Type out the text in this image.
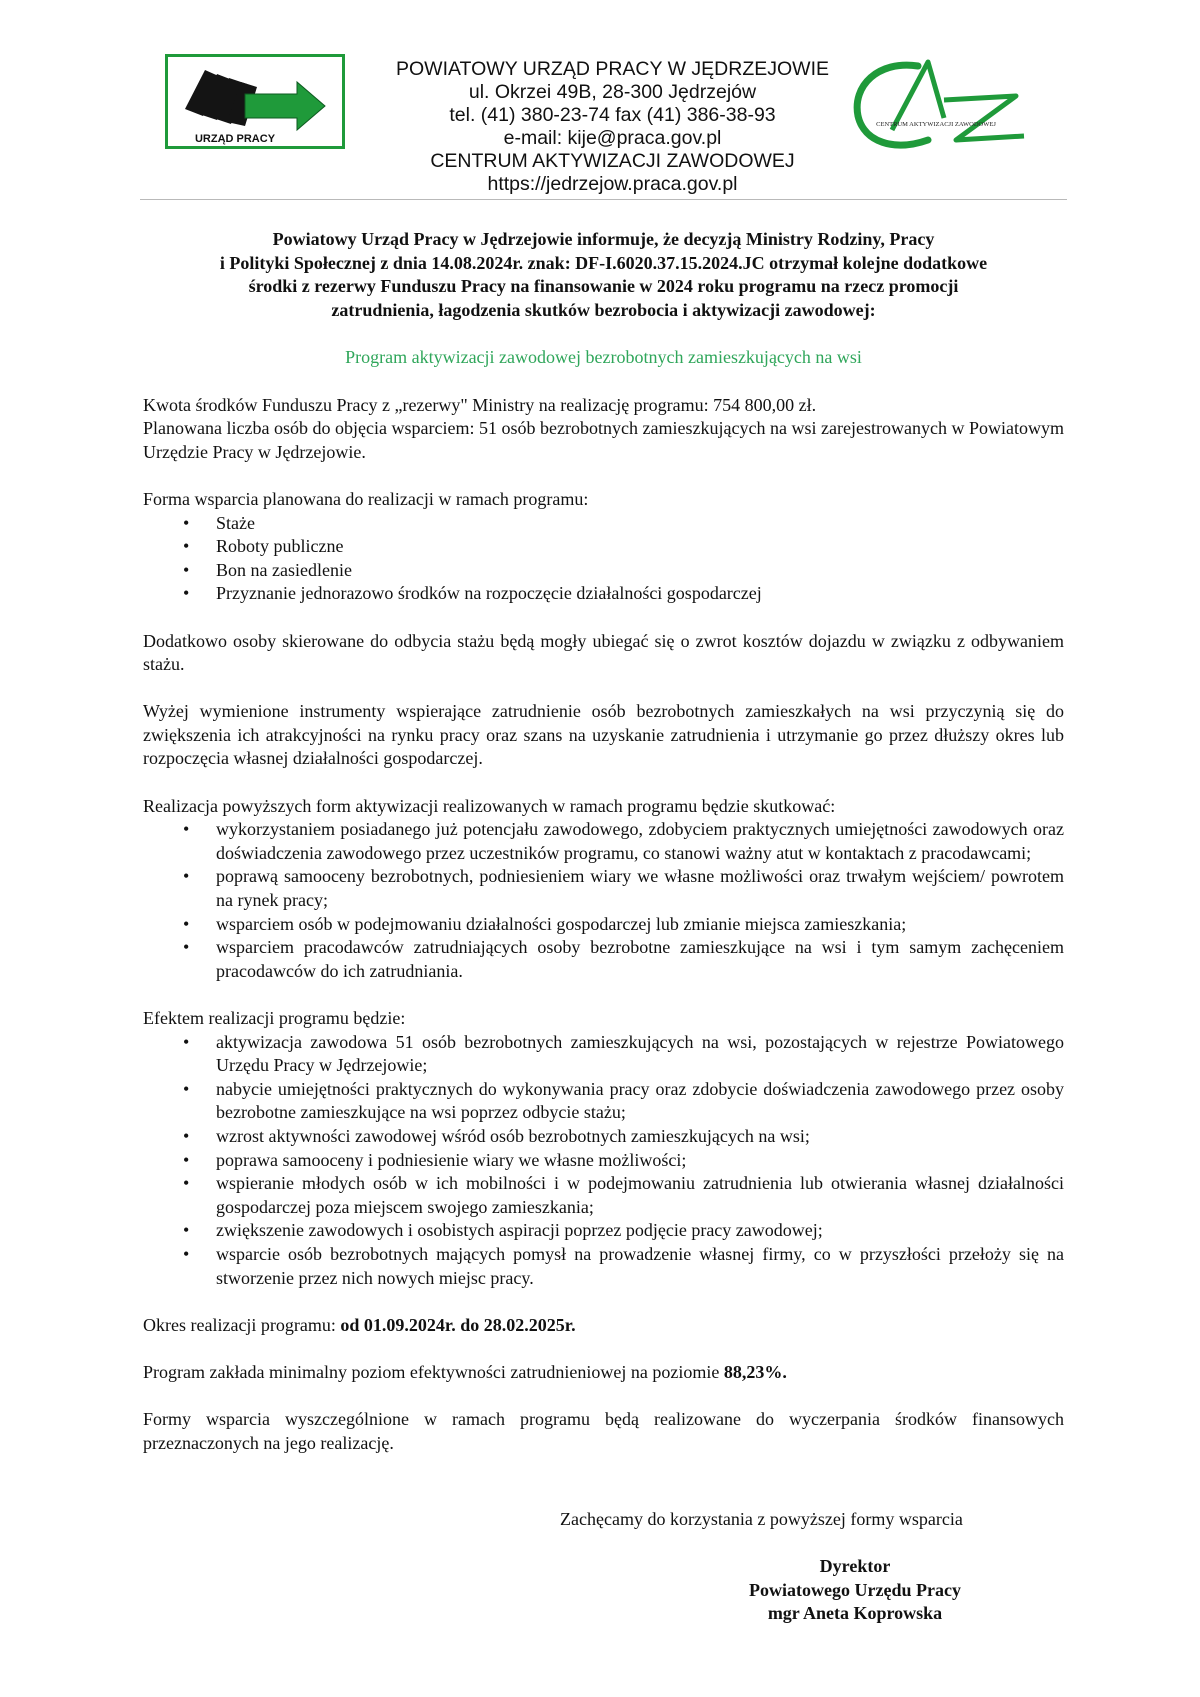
URZĄD PRACY
POWIATOWY URZĄD PRACY W JĘDRZEJOWIE
ul. Okrzei 49B, 28-300 Jędrzejów
tel. (41) 380-23-74 fax (41) 386-38-93
e-mail: kije@praca.gov.pl
CENTRUM AKTYWIZACJI ZAWODOWEJ
https://jedrzejow.praca.gov.pl
CENTRUM AKTYWIZACJI ZAWODOWEJ
Powiatowy Urząd Pracy w Jędrzejowie informuje, że decyzją Ministry Rodziny, Pracy
i Polityki Społecznej z dnia 14.08.2024r. znak: DF-I.6020.37.15.2024.JC otrzymał kolejne dodatkowe
środki z rezerwy Funduszu Pracy na finansowanie w 2024 roku programu na rzecz promocji
zatrudnienia, łagodzenia skutków bezrobocia i aktywizacji zawodowej:
Program aktywizacji zawodowej bezrobotnych zamieszkujących na wsi

Kwota środków Funduszu Pracy z „rezerwy" Ministry na realizację programu: 754 800,00 zł.

Planowana liczba osób do objęcia wsparciem: 51 osób bezrobotnych zamieszkujących na wsi zarejestrowanych w Powiatowym Urzędzie Pracy w Jędrzejowie.

Forma wsparcia planowana do realizacji w ramach programu:

• Staże
• Roboty publiczne
• Bon na zasiedlenie
• Przyznanie jednorazowo środków na rozpoczęcie działalności gospodarczej

Dodatkowo osoby skierowane do odbycia stażu będą mogły ubiegać się o zwrot kosztów dojazdu w związku z odbywaniem stażu.

Wyżej wymienione instrumenty wspierające zatrudnienie osób bezrobotnych zamieszkałych na wsi przyczynią się do zwiększenia ich atrakcyjności na rynku pracy oraz szans na uzyskanie zatrudnienia i utrzymanie go przez dłuższy okres lub rozpoczęcia własnej działalności gospodarczej.

Realizacja powyższych form aktywizacji realizowanych w ramach programu będzie skutkować:

• wykorzystaniem posiadanego już potencjału zawodowego, zdobyciem praktycznych umiejętności zawodowych oraz doświadczenia zawodowego przez uczestników programu, co stanowi ważny atut w kontaktach z pracodawcami;
• poprawą samooceny bezrobotnych, podniesieniem wiary we własne możliwości oraz trwałym wejściem/ powrotem na rynek pracy;
• wsparciem osób w podejmowaniu działalności gospodarczej lub zmianie miejsca zamieszkania;
• wsparciem pracodawców zatrudniających osoby bezrobotne zamieszkujące na wsi i tym samym zachęceniem pracodawców do ich zatrudniania.

Efektem realizacji programu będzie:

• aktywizacja zawodowa 51 osób bezrobotnych zamieszkujących na wsi, pozostających w rejestrze Powiatowego Urzędu Pracy w Jędrzejowie;
• nabycie umiejętności praktycznych do wykonywania pracy oraz zdobycie doświadczenia zawodowego przez osoby bezrobotne zamieszkujące na wsi poprzez odbycie stażu;
• wzrost aktywności zawodowej wśród osób bezrobotnych zamieszkujących na wsi;
• poprawa samooceny i podniesienie wiary we własne możliwości;
• wspieranie młodych osób w ich mobilności i w podejmowaniu zatrudnienia lub otwierania własnej działalności gospodarczej poza miejscem swojego zamieszkania;
• zwiększenie zawodowych i osobistych aspiracji poprzez podjęcie pracy zawodowej;
• wsparcie osób bezrobotnych mających pomysł na prowadzenie własnej firmy, co w przyszłości przełoży się na stworzenie przez nich nowych miejsc pracy.

Okres realizacji programu: od 01.09.2024r. do 28.02.2025r.

Program zakłada minimalny poziom efektywności zatrudnieniowej na poziomie 88,23%.

Formy wsparcia wyszczególnione w ramach programu będą realizowane do wyczerpania środków finansowych przeznaczonych na jego realizację.

Zachęcamy do korzystania z powyższej formy wsparcia
Dyrektor
Powiatowego Urzędu Pracy
mgr Aneta Koprowska
